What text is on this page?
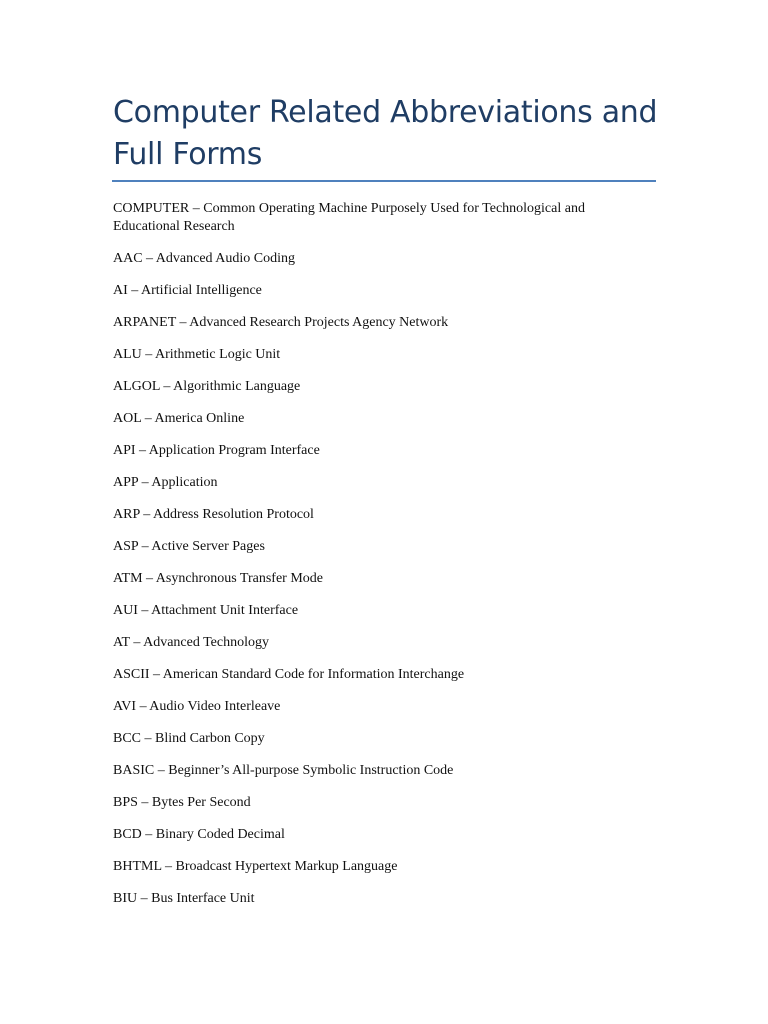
Computer Related Abbreviations and Full Forms
COMPUTER – Common Operating Machine Purposely Used for Technological and Educational Research
AAC – Advanced Audio Coding
AI – Artificial Intelligence
ARPANET – Advanced Research Projects Agency Network
ALU – Arithmetic Logic Unit
ALGOL – Algorithmic Language
AOL – America Online
API – Application Program Interface
APP – Application
ARP – Address Resolution Protocol
ASP – Active Server Pages
ATM – Asynchronous Transfer Mode
AUI – Attachment Unit Interface
AT – Advanced Technology
ASCII – American Standard Code for Information Interchange
AVI – Audio Video Interleave
BCC – Blind Carbon Copy
BASIC – Beginner’s All-purpose Symbolic Instruction Code
BPS – Bytes Per Second
BCD – Binary Coded Decimal
BHTML – Broadcast Hypertext Markup Language
BIU – Bus Interface Unit
